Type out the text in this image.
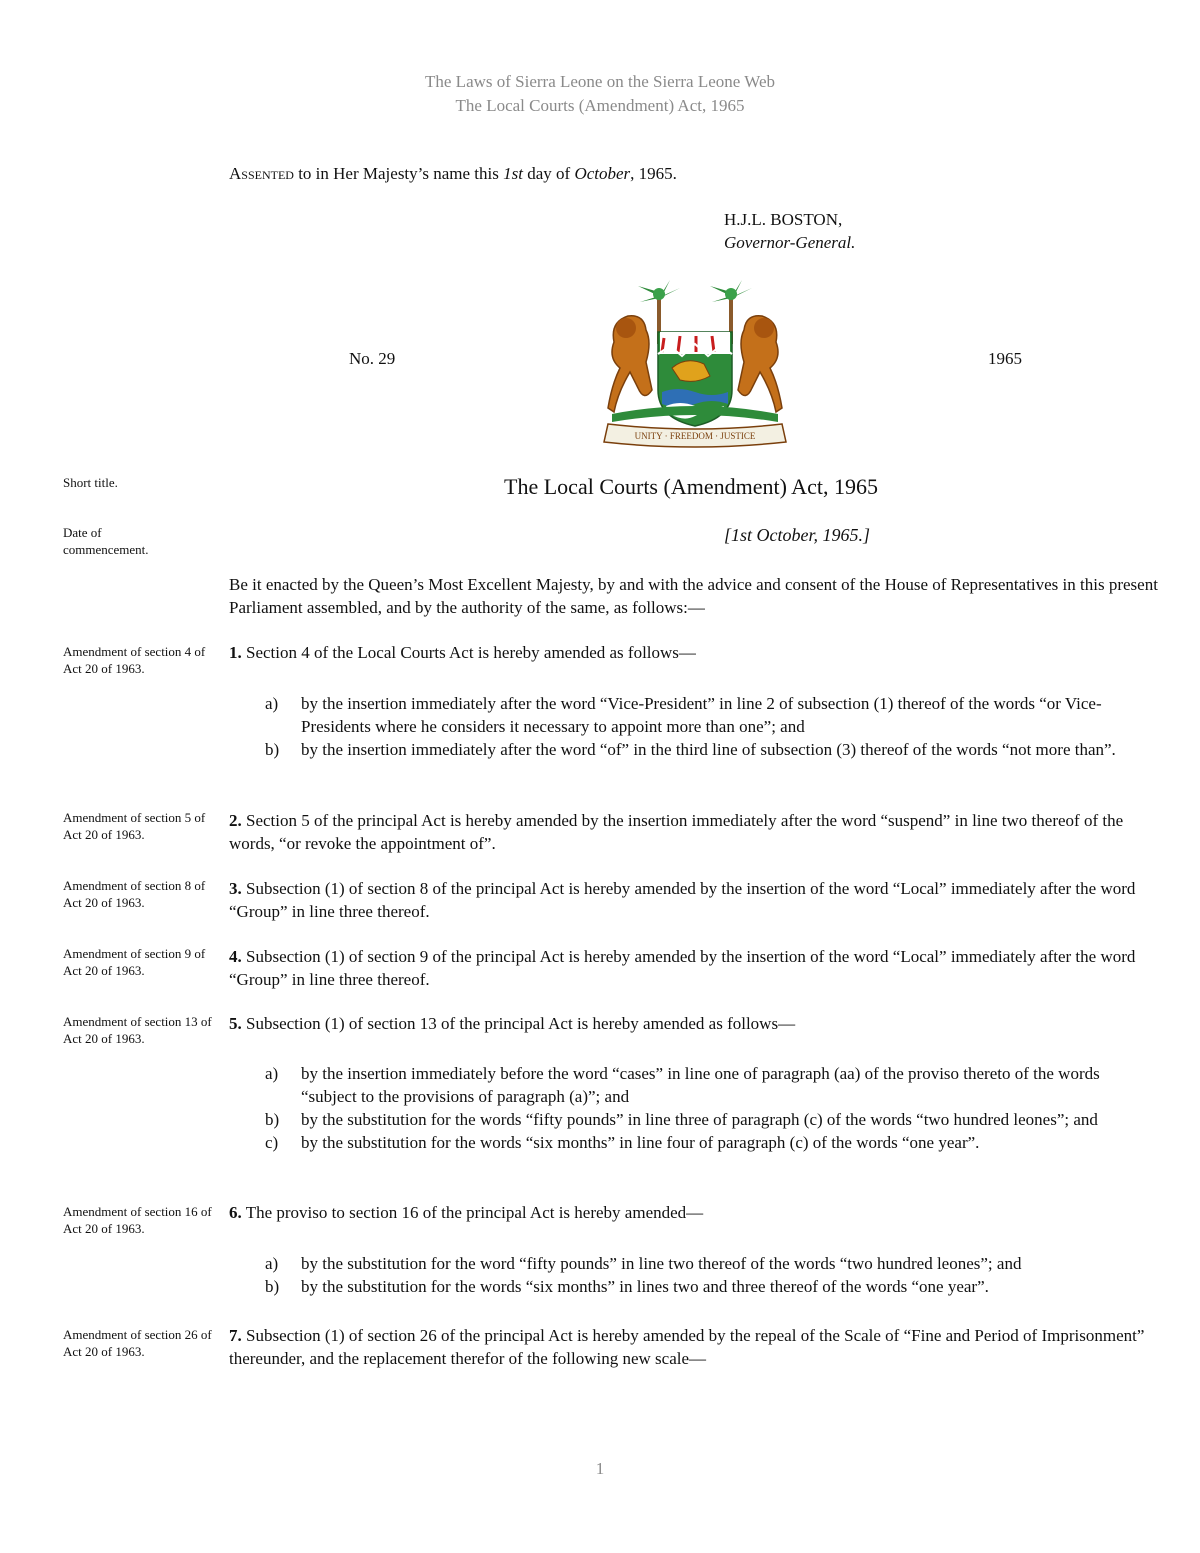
The Laws of Sierra Leone on the Sierra Leone Web
The Local Courts (Amendment) Act, 1965
Assented to in Her Majesty’s name this 1st day of October, 1965.
H.J.L. BOSTON,
Governor-General.
No. 29	1965
UNITY · FREEDOM · JUSTICE
Short title.
Date of commencement.
Amendment of section 4 of Act 20 of 1963.
Amendment of section 5 of Act 20 of 1963.
Amendment of section 8 of Act 20 of 1963.
Amendment of section 9 of Act 20 of 1963.
Amendment of section 13 of Act 20 of 1963.
Amendment of section 16 of Act 20 of 1963.
Amendment of section 26 of Act 20 of 1963.
The Local Courts (Amendment) Act, 1965
[1st October, 1965.]
Be it enacted by the Queen’s Most Excellent Majesty, by and with the advice and consent of the House of Representatives in this present Parliament assembled, and by the authority of the same, as follows:—
1. Section 4 of the Local Courts Act is hereby amended as follows—
a)	by the insertion immediately after the word “Vice-President” in line 2 of subsection (1) thereof of the words “or Vice-Presidents where he considers it necessary to appoint more than one”; and
b)	by the insertion immediately after the word “of” in the third line of subsection (3) thereof of the words “not more than”.
2. Section 5 of the principal Act is hereby amended by the insertion immediately after the word “suspend” in line two thereof of the words, “or revoke the appointment of”.
3. Subsection (1) of section 8 of the principal Act is hereby amended by the insertion of the word “Local” immediately after the word “Group” in line three thereof.
4. Subsection (1) of section 9 of the principal Act is hereby amended by the insertion of the word “Local” immediately after the word “Group” in line three thereof.
5. Subsection (1) of section 13 of the principal Act is hereby amended as follows—
a)	by the insertion immediately before the word “cases” in line one of paragraph (aa) of the proviso thereto of the words “subject to the provisions of paragraph (a)”; and
b)	by the substitution for the words “fifty pounds” in line three of paragraph (c) of the words “two hundred leones”; and
c)	by the substitution for the words “six months” in line four of paragraph (c) of the words “one year”.
6. The proviso to section 16 of the principal Act is hereby amended—
a)	by the substitution for the word “fifty pounds” in line two thereof of the words “two hundred leones”; and
b)	by the substitution for the words “six months” in lines two and three thereof of the words “one year”.
7. Subsection (1) of section 26 of the principal Act is hereby amended by the repeal of the Scale of “Fine and Period of Imprisonment” thereunder, and the replacement therefor of the following new scale—
1
